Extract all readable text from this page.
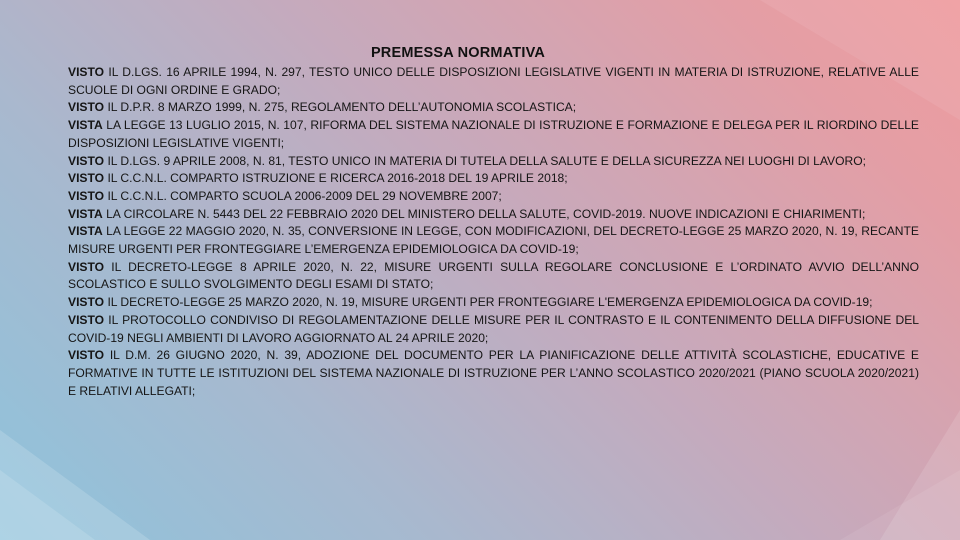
PREMESSA NORMATIVA

VISTO IL D.LGS. 16 APRILE 1994, N. 297, TESTO UNICO DELLE DISPOSIZIONI LEGISLATIVE VIGENTI IN MATERIA DI ISTRUZIONE, RELATIVE ALLE SCUOLE DI OGNI ORDINE E GRADO;

VISTO IL D.P.R. 8 MARZO 1999, N. 275, REGOLAMENTO DELL’AUTONOMIA SCOLASTICA;

VISTA LA LEGGE 13 LUGLIO 2015, N. 107, RIFORMA DEL SISTEMA NAZIONALE DI ISTRUZIONE E FORMAZIONE E DELEGA PER IL RIORDINO DELLE DISPOSIZIONI LEGISLATIVE VIGENTI;

VISTO IL D.LGS. 9 APRILE 2008, N. 81, TESTO UNICO IN MATERIA DI TUTELA DELLA SALUTE E DELLA SICUREZZA NEI LUOGHI DI LAVORO;

VISTO IL C.C.N.L. COMPARTO ISTRUZIONE E RICERCA 2016-2018 DEL 19 APRILE 2018;

VISTO IL C.C.N.L. COMPARTO SCUOLA 2006-2009 DEL 29 NOVEMBRE 2007;

VISTA LA CIRCOLARE N. 5443 DEL 22 FEBBRAIO 2020 DEL MINISTERO DELLA SALUTE, COVID-2019. NUOVE INDICAZIONI E CHIARIMENTI;

VISTA LA LEGGE 22 MAGGIO 2020, N. 35, CONVERSIONE IN LEGGE, CON MODIFICAZIONI, DEL DECRETO-LEGGE 25 MARZO 2020, N. 19, RECANTE MISURE URGENTI PER FRONTEGGIARE L’EMERGENZA EPIDEMIOLOGICA DA COVID-19;

VISTO IL DECRETO-LEGGE 8 APRILE 2020, N. 22, MISURE URGENTI SULLA REGOLARE CONCLUSIONE E L’ORDINATO AVVIO DELL’ANNO SCOLASTICO E SULLO SVOLGIMENTO DEGLI ESAMI DI STATO;

VISTO IL DECRETO-LEGGE 25 MARZO 2020, N. 19, MISURE URGENTI PER FRONTEGGIARE L'EMERGENZA EPIDEMIOLOGICA DA COVID-19;

VISTO IL PROTOCOLLO CONDIVISO DI REGOLAMENTAZIONE DELLE MISURE PER IL CONTRASTO E IL CONTENIMENTO DELLA DIFFUSIONE DEL COVID-19 NEGLI AMBIENTI DI LAVORO AGGIORNATO AL 24 APRILE 2020;

VISTO IL D.M. 26 GIUGNO 2020, N. 39, ADOZIONE DEL DOCUMENTO PER LA PIANIFICAZIONE DELLE ATTIVITÀ SCOLASTICHE, EDUCATIVE E FORMATIVE IN TUTTE LE ISTITUZIONI DEL SISTEMA NAZIONALE DI ISTRUZIONE PER L’ANNO SCOLASTICO 2020/2021 (PIANO SCUOLA 2020/2021) E RELATIVI ALLEGATI;
